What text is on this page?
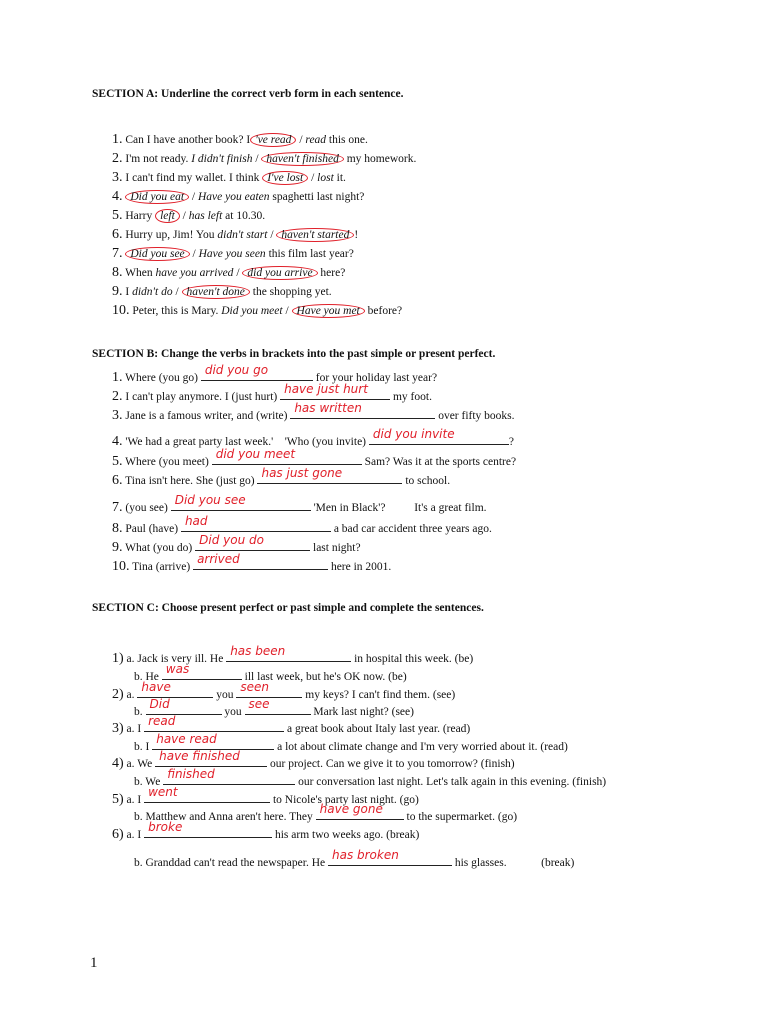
SECTION A: Underline the correct verb form in each sentence.
1. Can I have another book? I 've read / read this one.
2. I'm not ready. I didn't finish / haven't finished my homework.
3. I can't find my wallet. I think I've lost / lost it.
4. Did you eat / Have you eaten spaghetti last night?
5. Harry left / has left at 10.30.
6. Hurry up, Jim! You didn't start / haven't started !
7. Did you see / Have you seen this film last year?
8. When have you arrived / did you arrive here?
9. I didn't do / haven't done the shopping yet.
10. Peter, this is Mary. Did you meet / Have you met before?
SECTION B: Change the verbs in brackets into the past simple or present perfect.
1. Where (you go)
did you go
for your holiday last year?
2. I can't play anymore. I (just hurt)
have just hurt
my foot.
3. Jane is a famous writer, and (write)
has written
over fifty books.
4. 'We had a great party last week.'    'Who (you invite)
did you invite
?
5. Where (you meet)
did you meet
Sam? Was it at the sports centre?
6. Tina isn't here. She (just go)
has just gone
to school.
7. (you see)
Did you see
'Men in Black'?          It's a great film.
8. Paul (have)
had
a bad car accident three years ago.
9. What (you do)
Did you do
last night?
10. Tina (arrive)
arrived
here in 2001.
SECTION C: Choose present perfect or past simple and complete the sentences.
1) a. Jack is very ill. He
has been
in hospital this week. (be)
b. He
was
ill last week, but he's OK now. (be)
2) a.
have
you
seen
my keys? I can't find them. (see)
b.
Did
you
see
Mark last night? (see)
3) a. I
read
a great book about Italy last year. (read)
b. I
have read
a lot about climate change and I'm very worried about it. (read)
4) a. We
have finished
our project. Can we give it to you tomorrow? (finish)
b. We
finished
our conversation last night. Let's talk again in this evening. (finish)
5) a. I
went
to Nicole's party last night. (go)
b. Matthew and Anna aren't here. They
have gone
to the supermarket. (go)
6) a. I
broke
his arm two weeks ago. (break)
b. Granddad can't read the newspaper. He
has broken
his glasses.            (break)
1
